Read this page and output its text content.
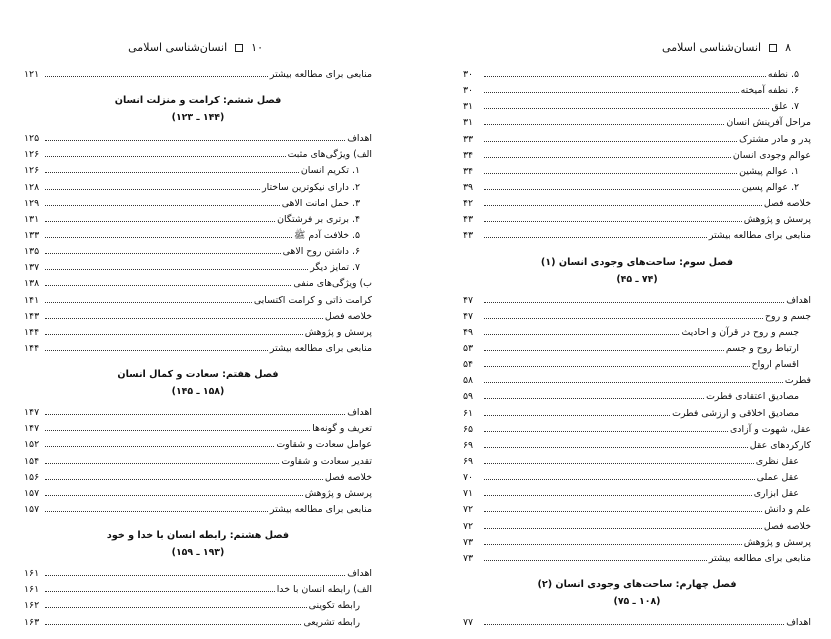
۱۰
انسان‌شناسی اسلامی
منابعی برای مطالعه بیشتر
۱۲۱
فصل ششم: کرامت و منزلت انسان
(۱۴۴ ـ ۱۲۳)
اهداف
۱۲۵
الف) ویژگی‌های مثبت
۱۲۶
۱. تکریم انسان
۱۲۶
۲. دارای نیکوترین ساختار
۱۲۸
۳. حمل امانت الاهی
۱۲۹
۴. برتری بر فرشتگان
۱۳۱
۵. خلافت آدم ﷺ
۱۳۳
۶. داشتن روح الاهی
۱۳۵
۷. تمایز دیگر
۱۳۷
ب) ویژگی‌های منفی
۱۳۸
کرامت ذاتی و کرامت اکتسابی
۱۴۱
خلاصه فصل
۱۴۳
پرسش و پژوهش
۱۴۴
منابعی برای مطالعه بیشتر
۱۴۴
فصل هفتم: سعادت و کمال انسان
(۱۵۸ ـ ۱۴۵)
اهداف
۱۴۷
تعریف و گونه‌ها
۱۴۷
عوامل سعادت و شقاوت
۱۵۲
تقدیر سعادت و شقاوت
۱۵۴
خلاصه فصل
۱۵۶
پرسش و پژوهش
۱۵۷
منابعی برای مطالعه بیشتر
۱۵۷
فصل هشتم: رابطه انسان با خدا و خود
(۱۹۳ ـ ۱۵۹)
اهداف
۱۶۱
الف) رابطه انسان با خدا
۱۶۱
رابطه تکوینی
۱۶۲
رابطه تشریعی
۱۶۳
۸
انسان‌شناسی اسلامی
۵. نطفه
۳۰
۶. نطفه آمیخته
۳۰
۷. علق
۳۱
مراحل آفرینش انسان
۳۱
پدر و مادر مشترک
۳۳
عوالم وجودی انسان
۳۴
۱. عوالم پیشین
۳۴
۲. عوالم پسین
۳۹
خلاصه فصل
۴۲
پرسش و پژوهش
۴۳
منابعی برای مطالعه بیشتر
۴۳
فصل سوم: ساحت‌های وجودی انسان (۱)
(۷۴ ـ ۴۵)
اهداف
۴۷
جسم و روح
۴۷
جسم و روح در قرآن و احادیث
۴۹
ارتباط روح و جسم
۵۳
اقسام ارواح
۵۴
فطرت
۵۸
مصادیق اعتقادی فطرت
۵۹
مصادیق اخلاقی و ارزشی فطرت
۶۱
عقل، شهوت و آزادی
۶۵
کارکردهای عقل
۶۹
عقل نظری
۶۹
عقل عملی
۷۰
عقل ابزاری
۷۱
علم و دانش
۷۲
خلاصه فصل
۷۲
پرسش و پژوهش
۷۳
منابعی برای مطالعه بیشتر
۷۳
فصل چهارم: ساحت‌های وجودی انسان (۲)
(۱۰۸ ـ ۷۵)
اهداف
۷۷
